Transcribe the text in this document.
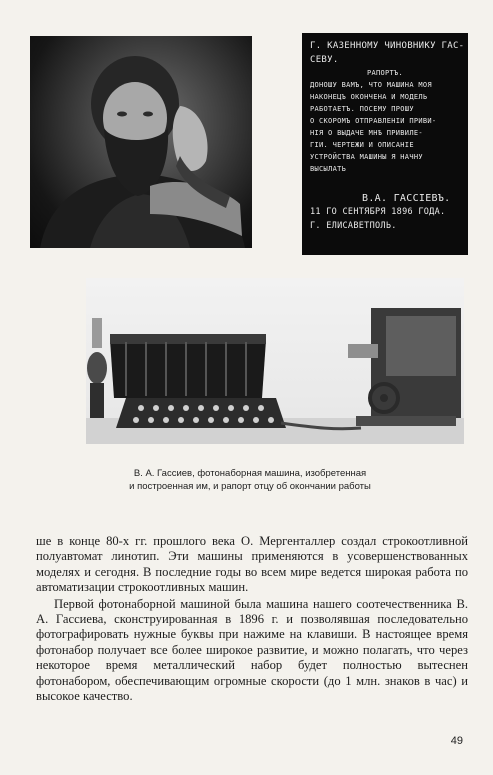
Г. КАЗЕННОМУ ЧИНОВНИКУ ГАС-
СЕВУ.
РАПОРТЪ.
ДОНОШУ ВАМЪ, ЧТО МАШИНА МОЯ
НАКОНЕЦЪ ОКОНЧЕНА И МОДЕЛЬ
РАБОТАЕТЪ. ПОСЕМУ ПРОШУ
О СКОРОМЪ ОТПРАВЛЕНІИ ПРИВИ-
НІЯ О ВЫДАЧЕ МНѢ ПРИВИЛЕ-
ГІИ. ЧЕРТЕЖИ И ОПИСАНІЕ
УСТРОЙСТВА МАШИНЫ Я НАЧНУ
ВЫСЫЛАТЬ
В.А. ГАССІЕВЪ.
11 ГО СЕНТЯБРЯ 1896 ГОДА.
Г. ЕЛИСАВЕТПОЛЬ.
В. А. Гассиев, фотонаборная машина, изобретенная
и построенная им, и рапорт отцу об окончании работы

ше в конце 80-х гг. прошлого века О. Мергенталлер создал строкоотливной полуавтомат линотип. Эти машины применяются в усовершенствованных моделях и сегодня. В последние годы во всем мире ведется широкая работа по автоматизации строкоотливных машин.

Первой фотонаборной машиной была машина нашего соотечественника В. А. Гассиева, сконструированная в 1896 г. и позволявшая последовательно фотографировать нужные буквы при нажиме на клавиши. В настоящее время фотонабор получает все более широкое развитие, и можно полагать, что через некоторое время металлический набор будет полностью вытеснен фотонабором, обеспечивающим огромные скорости (до 1 млн. знаков в час) и высокое качество.

49
